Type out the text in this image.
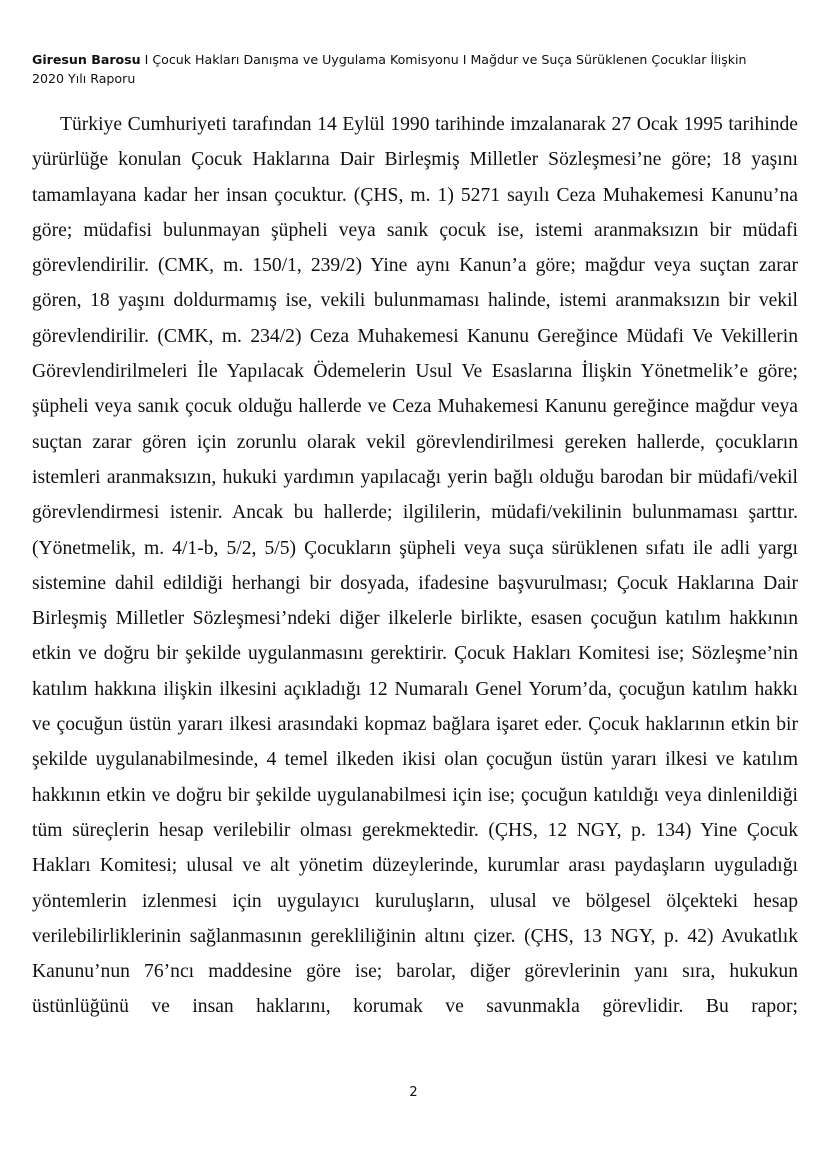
Giresun Barosu I Çocuk Hakları Danışma ve Uygulama Komisyonu I Mağdur ve Suça Sürüklenen Çocuklar İlişkin
2020 Yılı Raporu

Türkiye Cumhuriyeti tarafından 14 Eylül 1990 tarihinde imzalanarak 27 Ocak 1995 tarihinde yürürlüğe konulan Çocuk Haklarına Dair Birleşmiş Milletler Sözleşmesi’ne göre; 18 yaşını tamamlayana kadar her insan çocuktur. (ÇHS, m. 1) 5271 sayılı Ceza Muhakemesi Kanunu’na göre; müdafisi bulunmayan şüpheli veya sanık çocuk ise, istemi aranmaksızın bir müdafi görevlendirilir. (CMK, m. 150/1, 239/2) Yine aynı Kanun’a göre; mağdur veya suçtan zarar gören, 18 yaşını doldurmamış ise, vekili bulunmaması halinde, istemi aranmaksızın bir vekil görevlendirilir. (CMK, m. 234/2) Ceza Muhakemesi Kanunu Gereğince Müdafi Ve Vekillerin Görevlendirilmeleri İle Yapılacak Ödemelerin Usul Ve Esaslarına İlişkin Yönetmelik’e göre; şüpheli veya sanık çocuk olduğu hallerde ve Ceza Muhakemesi Kanunu gereğince mağdur veya suçtan zarar gören için zorunlu olarak vekil görevlendirilmesi gereken hallerde, çocukların istemleri aranmaksızın, hukuki yardımın yapılacağı yerin bağlı olduğu barodan bir müdafi/vekil görevlendirmesi istenir. Ancak bu hallerde; ilgililerin, müdafi/vekilinin bulunmaması şarttır. (Yönetmelik, m. 4/1-b, 5/2, 5/5) Çocukların şüpheli veya suça sürüklenen sıfatı ile adli yargı sistemine dahil edildiği herhangi bir dosyada, ifadesine başvurulması; Çocuk Haklarına Dair Birleşmiş Milletler Sözleşmesi’ndeki diğer ilkelerle birlikte, esasen çocuğun katılım hakkının etkin ve doğru bir şekilde uygulanmasını gerektirir. Çocuk Hakları Komitesi ise; Sözleşme’nin katılım hakkına ilişkin ilkesini açıkladığı 12 Numaralı Genel Yorum’da, çocuğun katılım hakkı ve çocuğun üstün yararı ilkesi arasındaki kopmaz bağlara işaret eder. Çocuk haklarının etkin bir şekilde uygulanabilmesinde, 4 temel ilkeden ikisi olan çocuğun üstün yararı ilkesi ve katılım hakkının etkin ve doğru bir şekilde uygulanabilmesi için ise; çocuğun katıldığı veya dinlenildiği tüm süreçlerin hesap verilebilir olması gerekmektedir. (ÇHS, 12 NGY, p. 134) Yine Çocuk Hakları Komitesi; ulusal ve alt yönetim düzeylerinde, kurumlar arası paydaşların uyguladığı yöntemlerin izlenmesi için uygulayıcı kuruluşların, ulusal ve bölgesel ölçekteki hesap verilebilirliklerinin sağlanmasının gerekliliğinin altını çizer. (ÇHS, 13 NGY, p. 42) Avukatlık Kanunu’nun 76’ncı maddesine göre ise; barolar, diğer görevlerinin yanı sıra, hukukun üstünlüğünü ve insan haklarını, korumak ve savunmakla görevlidir. Bu rapor;

2
